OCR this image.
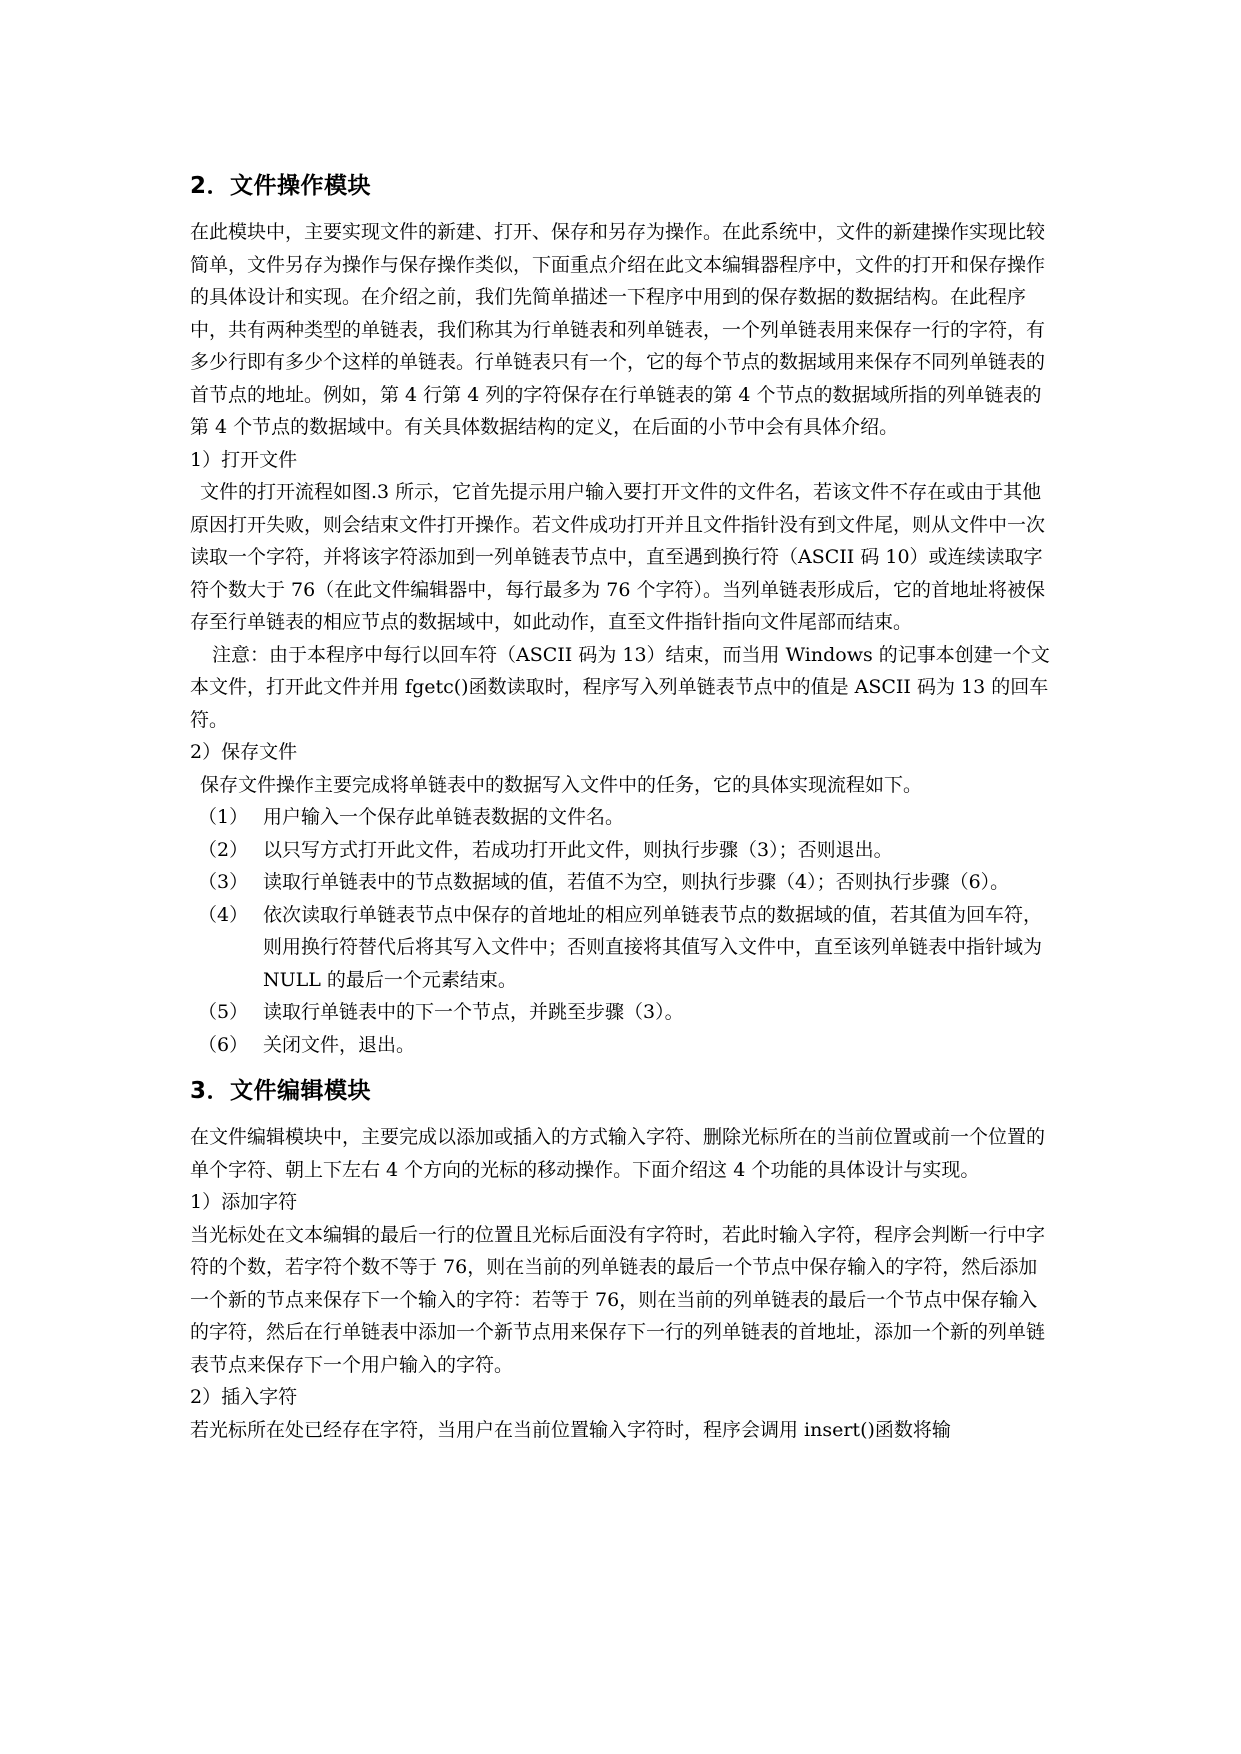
2．文件操作模块

在此模块中，主要实现文件的新建、打开、保存和另存为操作。在此系统中，文件的新建操作实现比较简单，文件另存为操作与保存操作类似，下面重点介绍在此文本编辑器程序中，文件的打开和保存操作的具体设计和实现。在介绍之前，我们先简单描述一下程序中用到的保存数据的数据结构。在此程序中，共有两种类型的单链表，我们称其为行单链表和列单链表，一个列单链表用来保存一行的字符，有多少行即有多少个这样的单链表。行单链表只有一个，它的每个节点的数据域用来保存不同列单链表的首节点的地址。例如，第 4 行第 4 列的字符保存在行单链表的第 4 个节点的数据域所指的列单链表的第 4 个节点的数据域中。有关具体数据结构的定义，在后面的小节中会有具体介绍。

1）打开文件

文件的打开流程如图.3 所示，它首先提示用户输入要打开文件的文件名，若该文件不存在或由于其他原因打开失败，则会结束文件打开操作。若文件成功打开并且文件指针没有到文件尾，则从文件中一次读取一个字符，并将该字符添加到一列单链表节点中，直至遇到换行符（ASCII 码 10）或连续读取字符个数大于 76（在此文件编辑器中，每行最多为 76 个字符）。当列单链表形成后，它的首地址将被保存至行单链表的相应节点的数据域中，如此动作，直至文件指针指向文件尾部而结束。

注意：由于本程序中每行以回车符（ASCII 码为 13）结束，而当用 Windows 的记事本创建一个文本文件，打开此文件并用 fgetc()函数读取时，程序写入列单链表节点中的值是 ASCII 码为 13 的回车符。

2）保存文件

保存文件操作主要完成将单链表中的数据写入文件中的任务，它的具体实现流程如下。

（1） 用户输入一个保存此单链表数据的文件名。
（2） 以只写方式打开此文件，若成功打开此文件，则执行步骤（3）；否则退出。
（3） 读取行单链表中的节点数据域的值，若值不为空，则执行步骤（4）；否则执行步骤（6）。
（4） 依次读取行单链表节点中保存的首地址的相应列单链表节点的数据域的值，若其值为回车符，则用换行符替代后将其写入文件中；否则直接将其值写入文件中，直至该列单链表中指针域为 NULL 的最后一个元素结束。
（5） 读取行单链表中的下一个节点，并跳至步骤（3）。
（6） 关闭文件，退出。
3．文件编辑模块

在文件编辑模块中，主要完成以添加或插入的方式输入字符、删除光标所在的当前位置或前一个位置的单个字符、朝上下左右 4 个方向的光标的移动操作。下面介绍这 4 个功能的具体设计与实现。

1）添加字符

当光标处在文本编辑的最后一行的位置且光标后面没有字符时，若此时输入字符，程序会判断一行中字符的个数，若字符个数不等于 76，则在当前的列单链表的最后一个节点中保存输入的字符，然后添加一个新的节点来保存下一个输入的字符：若等于 76，则在当前的列单链表的最后一个节点中保存输入的字符，然后在行单链表中添加一个新节点用来保存下一行的列单链表的首地址，添加一个新的列单链表节点来保存下一个用户输入的字符。

2）插入字符

若光标所在处已经存在字符，当用户在当前位置输入字符时，程序会调用 insert()函数将输
